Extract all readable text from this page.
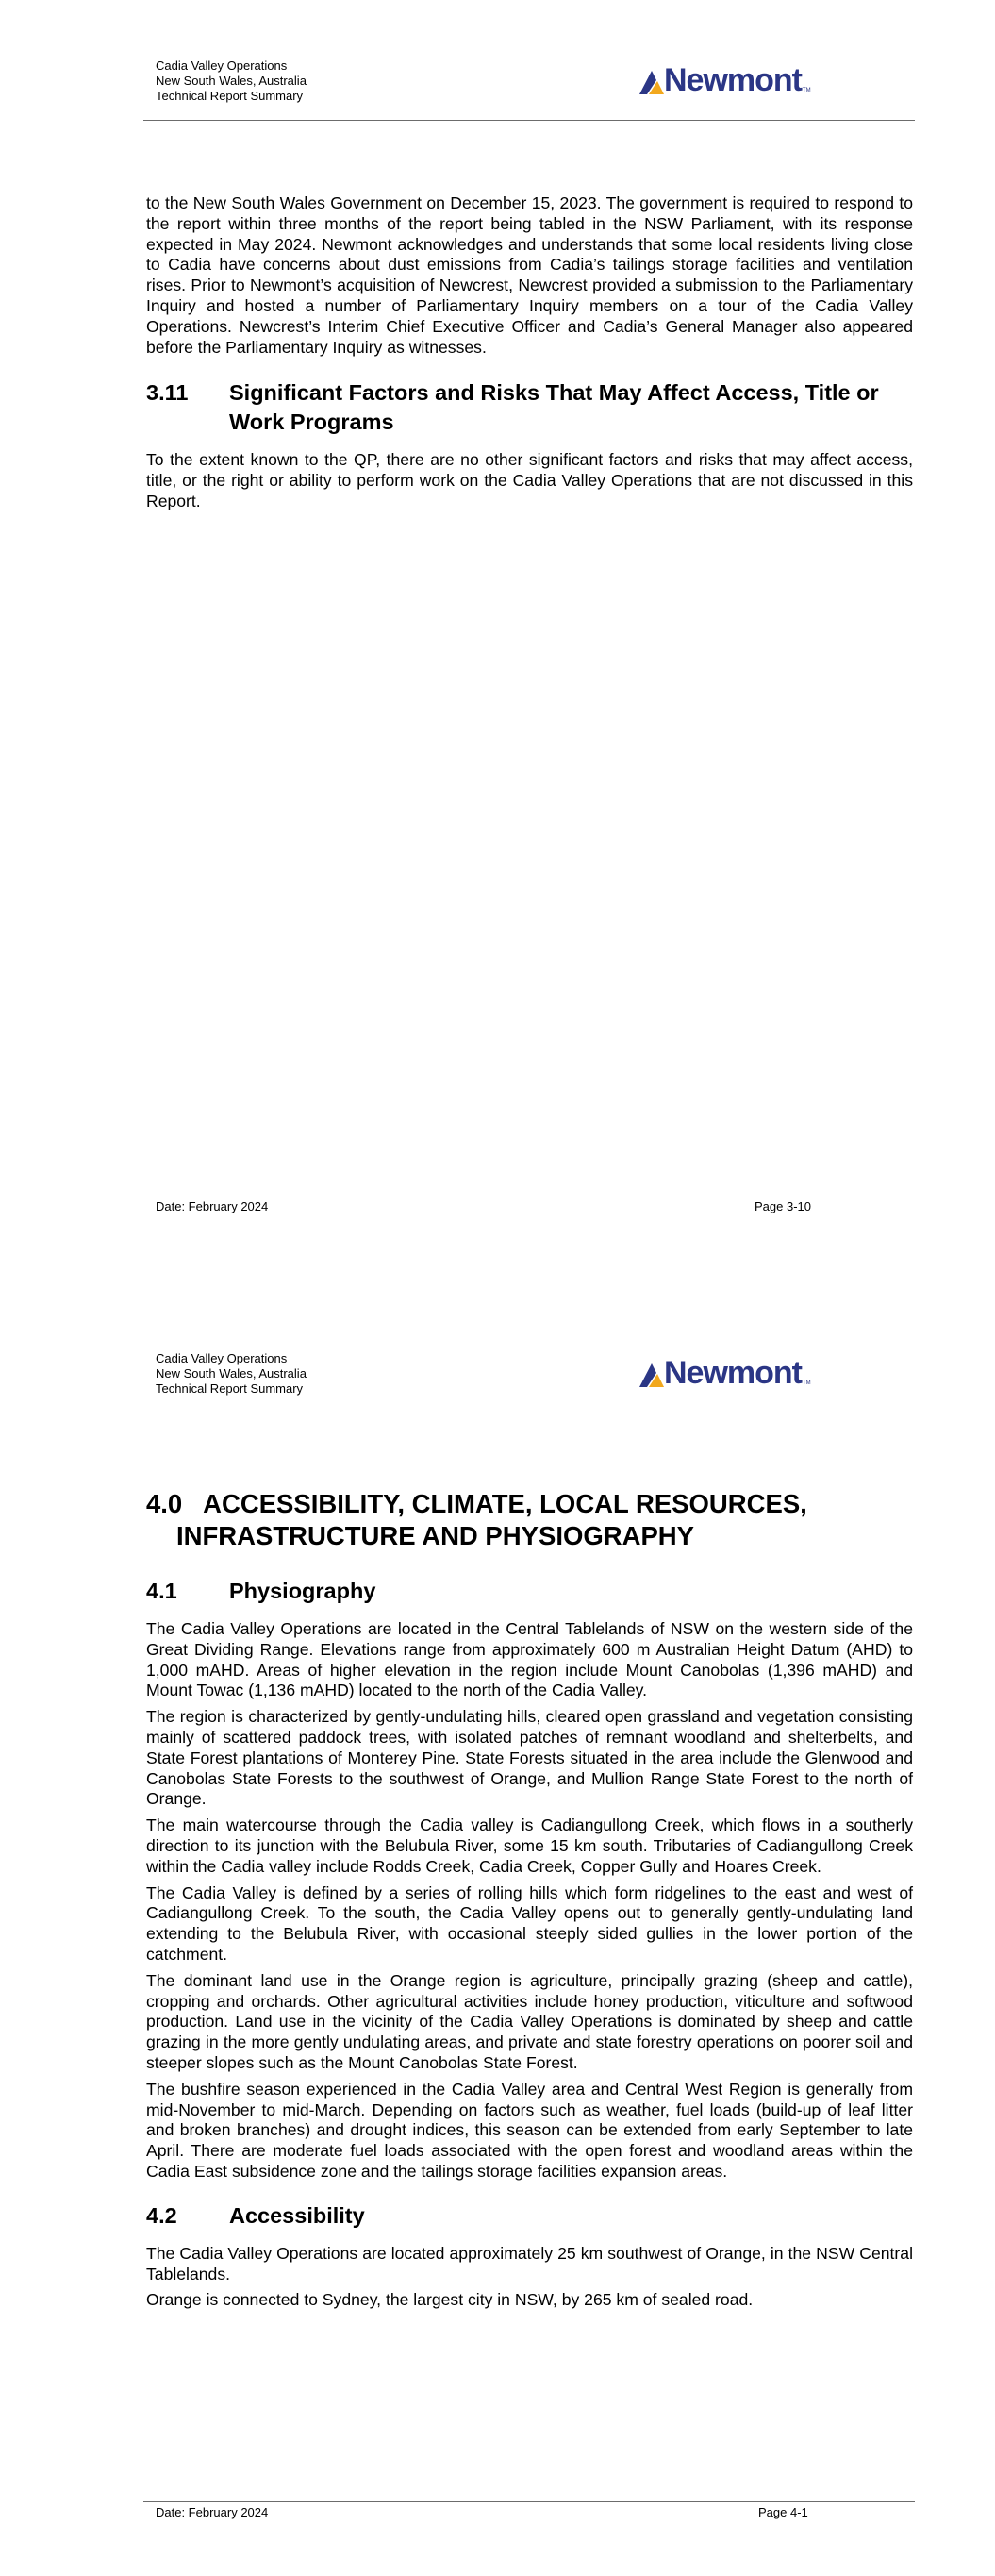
Cadia Valley Operations
New South Wales, Australia
Technical Report Summary	Newmont TM

to the New South Wales Government on December 15, 2023. The government is required to respond to the report within three months of the report being tabled in the NSW Parliament, with its response expected in May 2024. Newmont acknowledges and understands that some local residents living close to Cadia have concerns about dust emissions from Cadia’s tailings storage facilities and ventilation rises. Prior to Newmont’s acquisition of Newcrest, Newcrest provided a submission to the Parliamentary Inquiry and hosted a number of Parliamentary Inquiry members on a tour of the Cadia Valley Operations. Newcrest’s Interim Chief Executive Officer and Cadia’s General Manager also appeared before the Parliamentary Inquiry as witnesses.

3.11	Significant Factors and Risks That May Affect Access, Title or Work Programs

To the extent known to the QP, there are no other significant factors and risks that may affect access, title, or the right or ability to perform work on the Cadia Valley Operations that are not discussed in this Report.

Date: February 2024	Page 3-10
Cadia Valley Operations
New South Wales, Australia
Technical Report Summary	Newmont TM
4.0   ACCESSIBILITY, CLIMATE, LOCAL RESOURCES,
INFRASTRUCTURE AND PHYSIOGRAPHY
4.1	Physiography

The Cadia Valley Operations are located in the Central Tablelands of NSW on the western side of the Great Dividing Range. Elevations range from approximately 600 m Australian Height Datum (AHD) to 1,000 mAHD. Areas of higher elevation in the region include Mount Canobolas (1,396 mAHD) and Mount Towac (1,136 mAHD) located to the north of the Cadia Valley.

The region is characterized by gently-undulating hills, cleared open grassland and vegetation consisting mainly of scattered paddock trees, with isolated patches of remnant woodland and shelterbelts, and State Forest plantations of Monterey Pine. State Forests situated in the area include the Glenwood and Canobolas State Forests to the southwest of Orange, and Mullion Range State Forest to the north of Orange.

The main watercourse through the Cadia valley is Cadiangullong Creek, which flows in a southerly direction to its junction with the Belubula River, some 15 km south. Tributaries of Cadiangullong Creek within the Cadia valley include Rodds Creek, Cadia Creek, Copper Gully and Hoares Creek.

The Cadia Valley is defined by a series of rolling hills which form ridgelines to the east and west of Cadiangullong Creek. To the south, the Cadia Valley opens out to generally gently-undulating land extending to the Belubula River, with occasional steeply sided gullies in the lower portion of the catchment.

The dominant land use in the Orange region is agriculture, principally grazing (sheep and cattle), cropping and orchards. Other agricultural activities include honey production, viticulture and softwood production. Land use in the vicinity of the Cadia Valley Operations is dominated by sheep and cattle grazing in the more gently undulating areas, and private and state forestry operations on poorer soil and steeper slopes such as the Mount Canobolas State Forest.

The bushfire season experienced in the Cadia Valley area and Central West Region is generally from mid-November to mid-March. Depending on factors such as weather, fuel loads (build-up of leaf litter and broken branches) and drought indices, this season can be extended from early September to late April. There are moderate fuel loads associated with the open forest and woodland areas within the Cadia East subsidence zone and the tailings storage facilities expansion areas.

4.2	Accessibility

The Cadia Valley Operations are located approximately 25 km southwest of Orange, in the NSW Central Tablelands.

Orange is connected to Sydney, the largest city in NSW, by 265 km of sealed road.

Date: February 2024	Page 4-1
